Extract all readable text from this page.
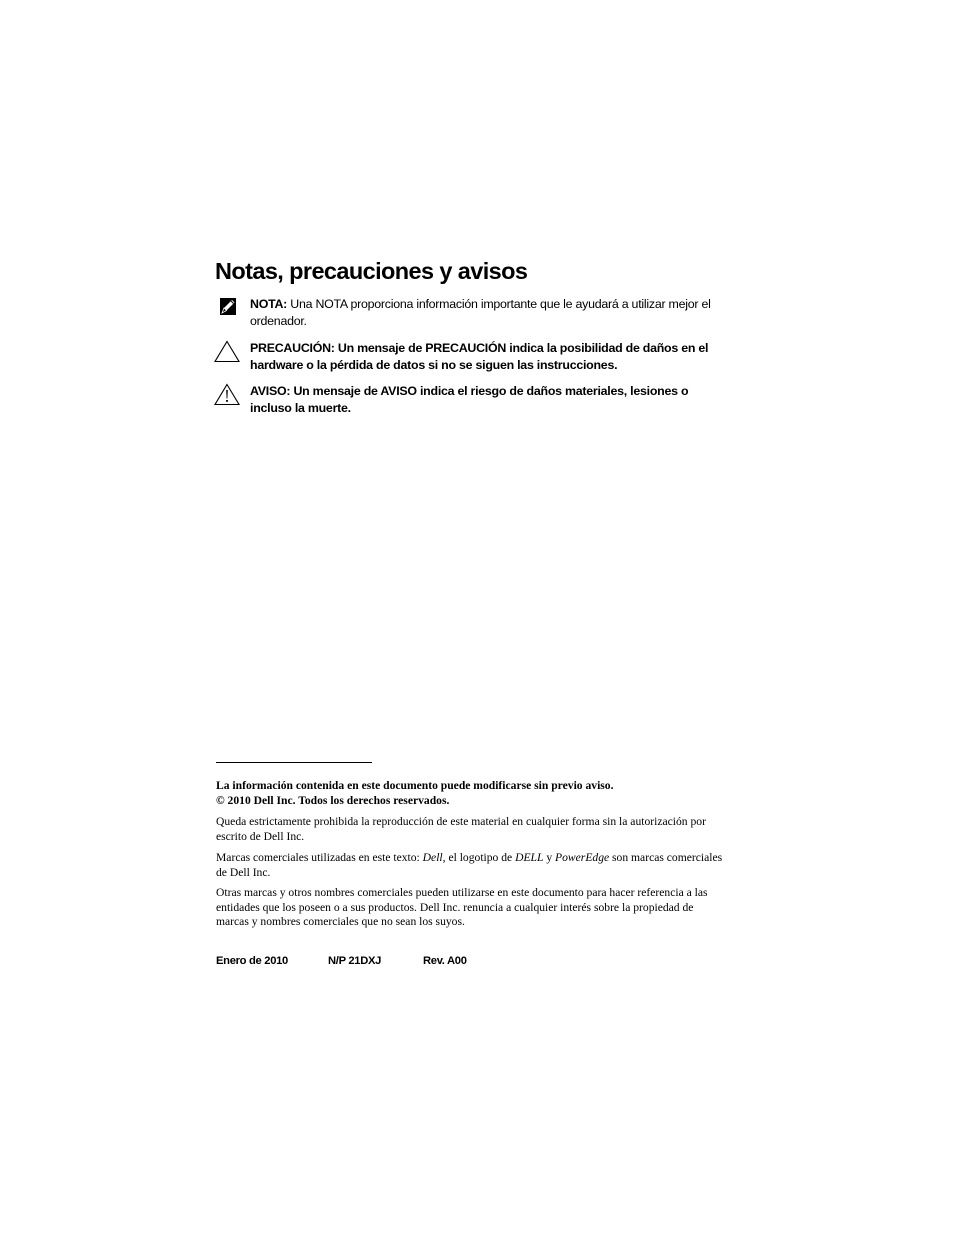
Notas, precauciones y avisos
NOTA: Una NOTA proporciona información importante que le ayudará a utilizar mejor el ordenador.
PRECAUCIÓN: Un mensaje de PRECAUCIÓN indica la posibilidad de daños en el hardware o la pérdida de datos si no se siguen las instrucciones.
AVISO: Un mensaje de AVISO indica el riesgo de daños materiales, lesiones o incluso la muerte.

La información contenida en este documento puede modificarse sin previo aviso.
© 2010 Dell Inc. Todos los derechos reservados.

Queda estrictamente prohibida la reproducción de este material en cualquier forma sin la autorización por escrito de Dell Inc.

Marcas comerciales utilizadas en este texto: Dell, el logotipo de DELL y PowerEdge son marcas comerciales de Dell Inc.

Otras marcas y otros nombres comerciales pueden utilizarse en este documento para hacer referencia a las entidades que los poseen o a sus productos. Dell Inc. renuncia a cualquier interés sobre la propiedad de marcas y nombres comerciales que no sean los suyos.

Enero de 2010	N/P 21DXJ	Rev. A00
